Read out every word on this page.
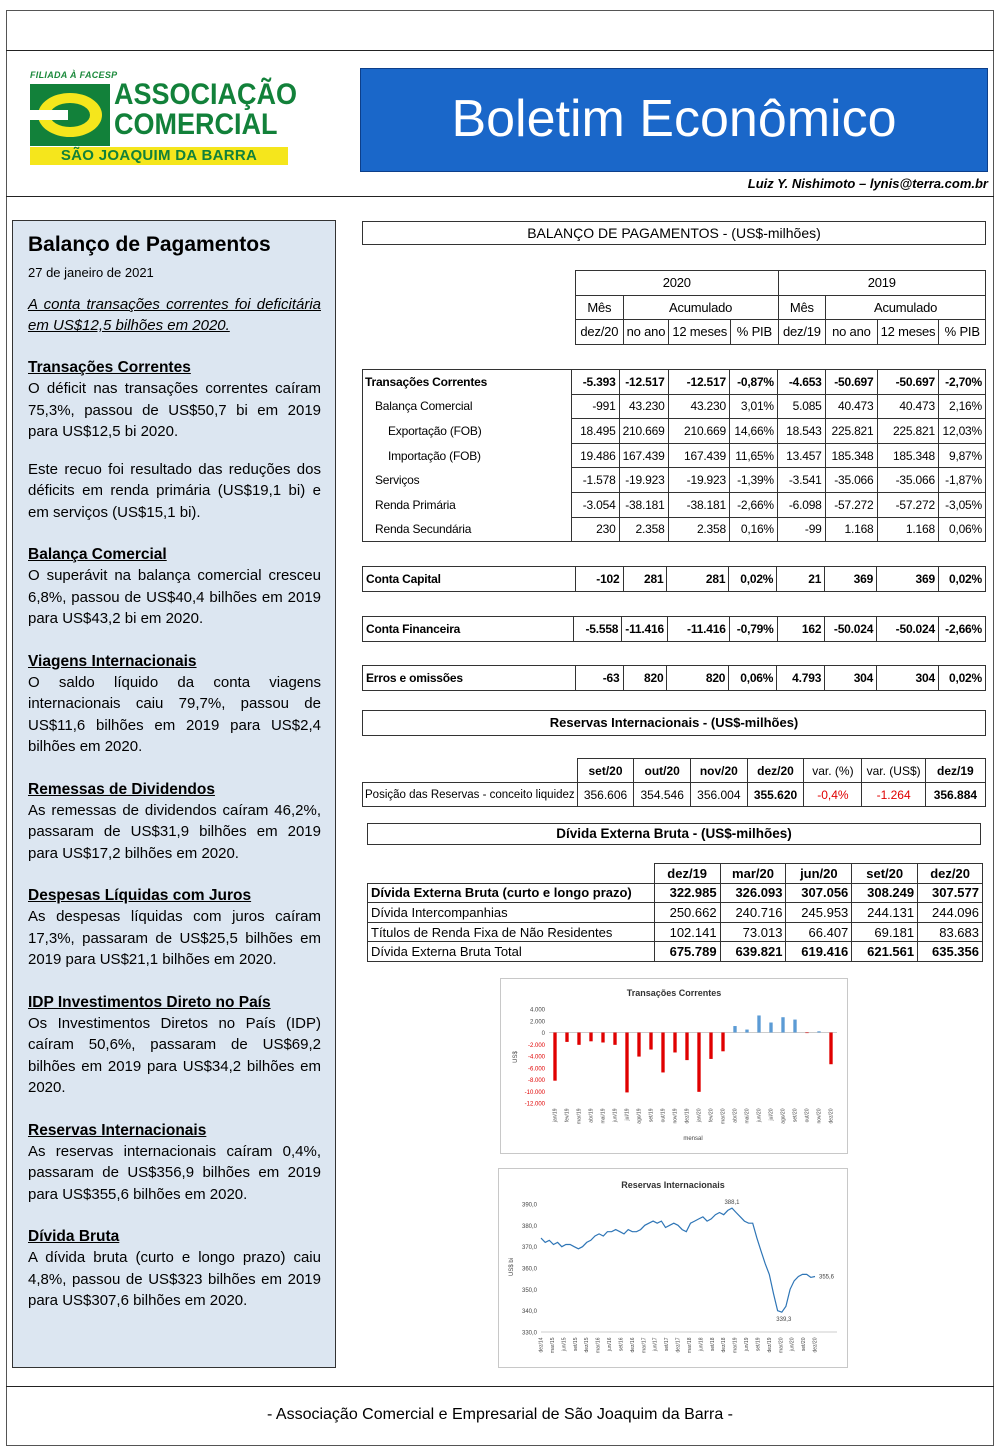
FILIADA À FACESP
ASSOCIAÇÃO
COMERCIAL
SÃO JOAQUIM DA BARRA
Boletim Econômico
Luiz Y. Nishimoto – lynis@terra.com.br
Balanço de Pagamentos
27 de janeiro de 2021
A conta transações correntes foi deficitária em US$12,5 bilhões em 2020.
Transações Correntes
O déficit nas transações correntes caíram 75,3%, passou de US$50,7 bi em 2019 para US$12,5 bi 2020.
Este recuo foi resultado das reduções dos déficits em renda primária (US$19,1 bi) e em serviços (US$15,1 bi).
Balança Comercial
O superávit na balança comercial cresceu 6,8%, passou de US$40,4 bilhões em 2019 para US$43,2 bi em 2020.
Viagens Internacionais
O saldo líquido da conta viagens internacionais caiu 79,7%, passou de US$11,6 bilhões em 2019 para US$2,4 bilhões em 2020.
Remessas de Dividendos
As remessas de dividendos caíram 46,2%, passaram de US$31,9 bilhões em 2019 para US$17,2 bilhões em 2020.
Despesas Líquidas com Juros
As despesas líquidas com juros caíram 17,3%, passaram de US$25,5 bilhões em 2019 para US$21,1 bilhões em 2020.
IDP Investimentos Direto no País
Os Investimentos Diretos no País (IDP) caíram 50,6%, passaram de US$69,2 bilhões em 2019 para US$34,2 bilhões em 2020.
Reservas Internacionais
As reservas internacionais caíram 0,4%, passaram de US$356,9 bilhões em 2019 para US$355,6 bilhões em 2020.
Dívida Bruta
A dívida bruta (curto e longo prazo) caiu 4,8%, passou de US$323 bilhões em 2019 para US$307,6 bilhões em 2020.
BALANÇO DE PAGAMENTOS - (US$-milhões)
2020				2019			
Mês	Acumulado			Mês	Acumulado		
dez/20	no ano	12 meses	% PIB	dez/19	no ano	12 meses	% PIB
Transações Correntes	-5.393	-12.517	-12.517	-0,87%	-4.653	-50.697	-50.697	-2,70%
Balança Comercial	-991	43.230	43.230	3,01%	5.085	40.473	40.473	2,16%
Exportação (FOB)	18.495	210.669	210.669	14,66%	18.543	225.821	225.821	12,03%
Importação (FOB)	19.486	167.439	167.439	11,65%	13.457	185.348	185.348	9,87%
Serviços	-1.578	-19.923	-19.923	-1,39%	-3.541	-35.066	-35.066	-1,87%
Renda Primária	-3.054	-38.181	-38.181	-2,66%	-6.098	-57.272	-57.272	-3,05%
Renda Secundária	230	2.358	2.358	0,16%	-99	1.168	1.168	0,06%
Conta Capital	-102	281	281	0,02%	21	369	369	0,02%
Conta Financeira	-5.558	-11.416	-11.416	-0,79%	162	-50.024	-50.024	-2,66%
Erros e omissões	-63	820	820	0,06%	4.793	304	304	0,02%
Reservas Internacionais - (US$-milhões)
	set/20	out/20	nov/20	dez/20	var. (%)	var. (US$)	dez/19
Posição das Reservas - conceito liquidez	356.606	354.546	356.004	355.620	-0,4%	-1.264	356.884
Dívida Externa Bruta - (US$-milhões)
	dez/19	mar/20	jun/20	set/20	dez/20
Dívida Externa Bruta (curto e longo prazo)	322.985	326.093	307.056	308.249	307.577
Dívida Intercompanhias	250.662	240.716	245.953	244.131	244.096
Títulos de Renda Fixa de Não Residentes	102.141	73.013	66.407	69.181	83.683
Dívida Externa Bruta Total	675.789	639.821	619.416	621.561	635.356
Transações Correntes
4.000
2.000
0
-2.000
-4.000
-6.000
-8.000
-10.000
-12.000
jan/19 fev/19 mar/19 abr/19 mai/19 jun/19 jul/19 ago/19 set/19 out/19 nov/19 dez/19 jan/20 fev/20 mar/20 abr/20 mai/20 jun/20 jul/20 ago/20 set/20 out/20 nov/20 dez/20
mensal
US$
Reservas Internacionais
390,0
380,0
370,0
360,0
350,0
340,0
330,0
US$ bi
dez/14 mar/15 jun/15 set/15 dez/15 mar/16 jun/16 set/16 dez/16 mar/17 jun/17 set/17 dez/17 mar/18 jun/18 set/18 dez/18 mar/19 jun/19 set/19 dez/19 mar/20 jun/20 set/20 dez/20
388,1
339,3
355,6
- Associação Comercial e Empresarial de São Joaquim da Barra -
